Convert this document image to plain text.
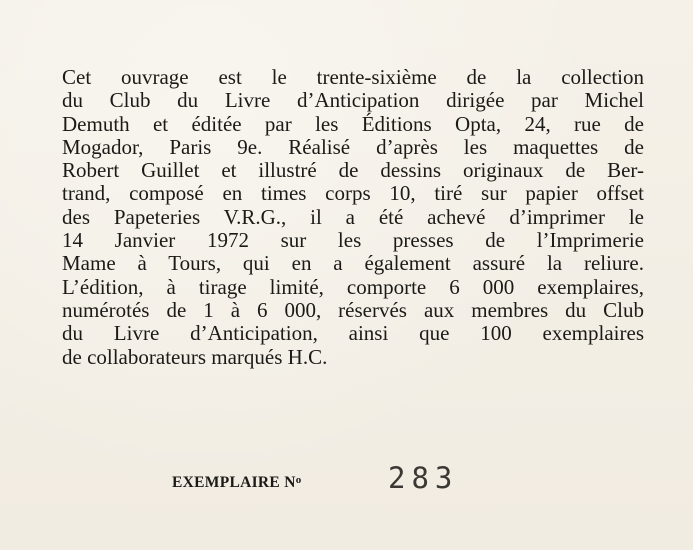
Cet ouvrage est le trente-sixième de la collection
du Club du Livre d’Anticipation dirigée par Michel
Demuth et éditée par les Éditions Opta, 24, rue de
Mogador, Paris 9e. Réalisé d’après les maquettes de
Robert Guillet et illustré de dessins originaux de Ber-
trand, composé en times corps 10, tiré sur papier offset
des Papeteries V.R.G., il a été achevé d’imprimer le
14 Janvier 1972 sur les presses de l’Imprimerie
Mame à Tours, qui en a également assuré la reliure.
L’édition, à tirage limité, comporte 6 000 exemplaires,
numérotés de 1 à 6 000, réservés aux membres du Club
du Livre d’Anticipation, ainsi que 100 exemplaires
de collaborateurs marqués H.C.

EXEMPLAIRE $N^o$	283
